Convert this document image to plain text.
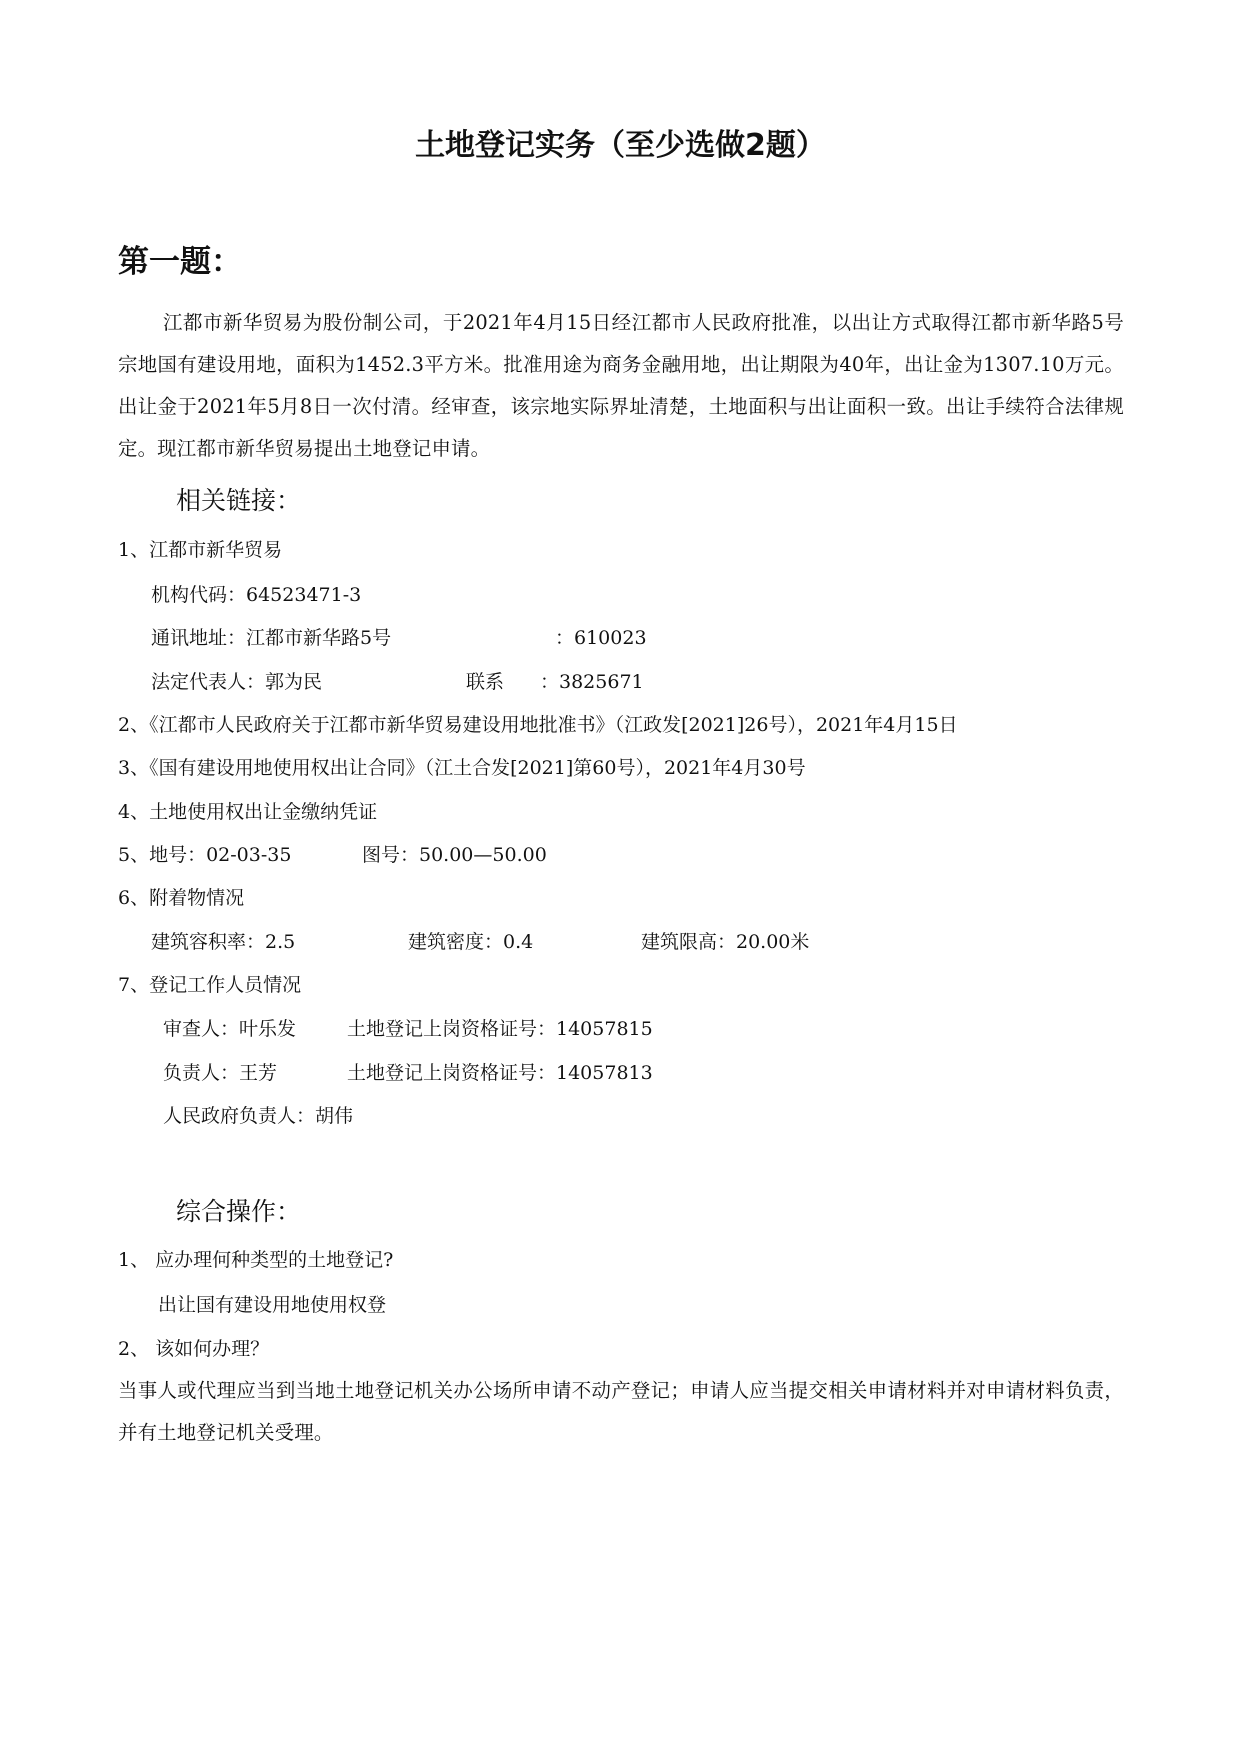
土地登记实务（至少选做2题）
第一题：
江都市新华贸易为股份制公司，于2021年4月15日经江都市人民政府批准，以出让方式取得江都市新华路5号宗地国有建设用地，面积为1452.3平方米。批准用途为商务金融用地，出让期限为40年，出让金为1307.10万元。出让金于2021年5月8日一次付清。经审查，该宗地实际界址清楚，土地面积与出让面积一致。出让手续符合法律规定。现江都市新华贸易提出土地登记申请。
相关链接：
1、江都市新华贸易
机构代码：64523471-3
通讯地址：江都市新华路5号	：610023
法定代表人：郭为民	联系 ：3825671
2、《江都市人民政府关于江都市新华贸易建设用地批准书》（江政发[2021]26号），2021年4月15日
3、《国有建设用地使用权出让合同》（江土合发[2021]第60号），2021年4月30号
4、土地使用权出让金缴纳凭证
5、地号：02-03-35	图号：50.00—50.00
6、附着物情况
建筑容积率：2.5	建筑密度：0.4	建筑限高：20.00米
7、登记工作人员情况
审查人：叶乐发	土地登记上岗资格证号：14057815
负责人：王芳	土地登记上岗资格证号：14057813
人民政府负责人：胡伟
综合操作：
1、 应办理何种类型的土地登记?
出让国有建设用地使用权登
2、 该如何办理？
当事人或代理应当到当地土地登记机关办公场所申请不动产登记；申请人应当提交相关申请材料并对申请材料负责，并有土地登记机关受理。
